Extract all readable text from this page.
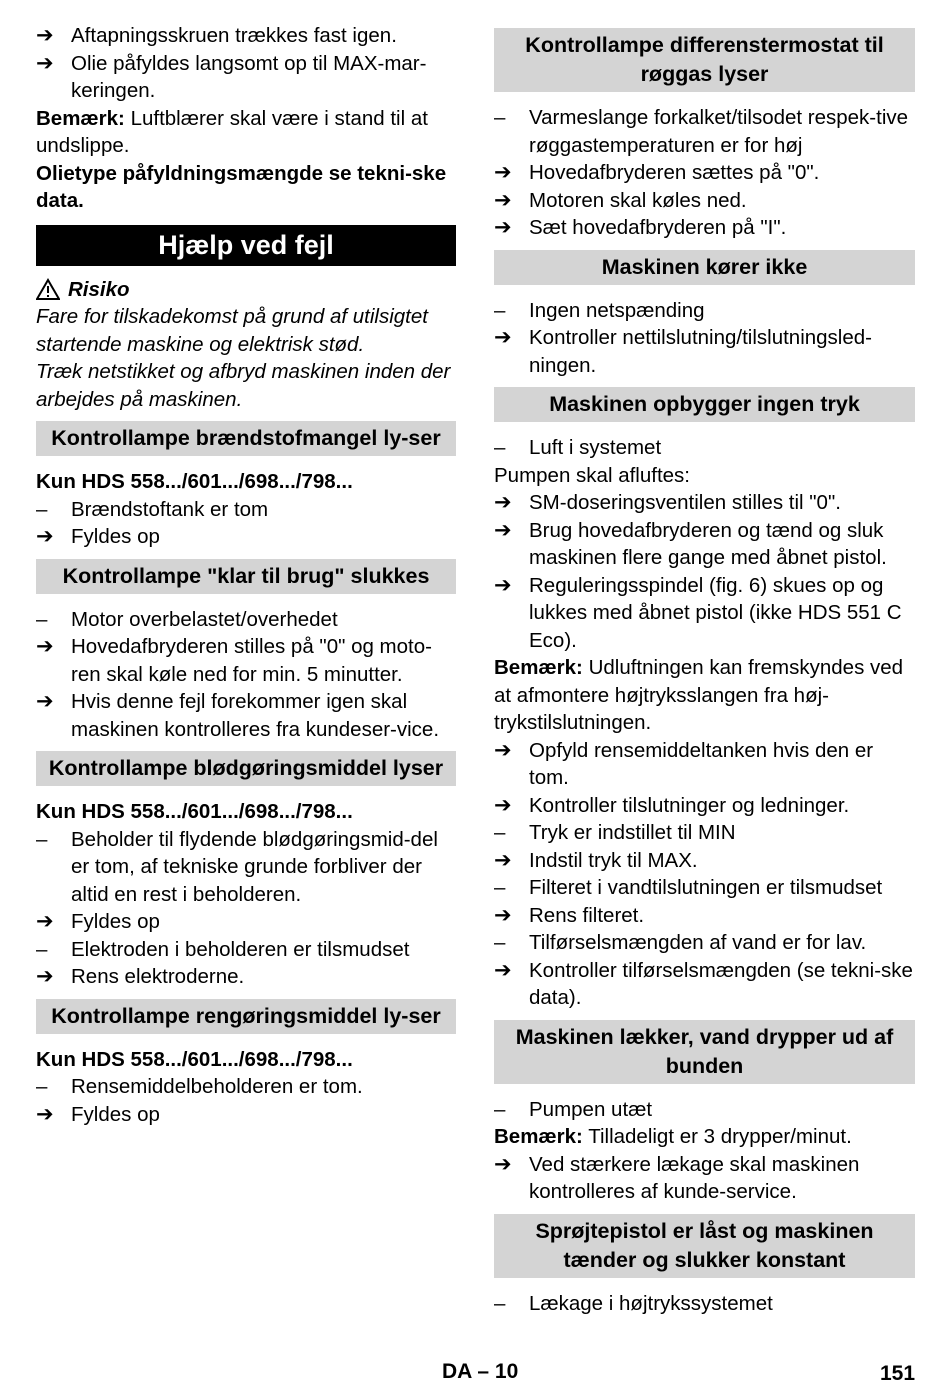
➔ Aftapningsskruen trækkes fast igen.
➔ Olie påfyldes langsomt op til MAX-mar-keringen.

Bemærk: Luftblærer skal være i stand til at undslippe.

Olietype påfyldningsmængde se tekni-ske data.

Hjælp ved fejl
Risiko

Fare for tilskadekomst på grund af utilsigtet startende maskine og elektrisk stød.

Træk netstikket og afbryd maskinen inden der arbejdes på maskinen.

Kontrollampe brændstofmangel ly-ser

Kun HDS 558.../601.../698.../798...

–	Brændstoftank er tom
➔ Fyldes op
Kontrollampe "klar til brug" slukkes
–	Motor overbelastet/overhedet
➔ Hovedafbryderen stilles på "0" og moto-ren skal køle ned for min. 5 minutter.
➔ Hvis denne fejl forekommer igen skal maskinen kontrolleres fra kundeser-vice.
Kontrollampe blødgøringsmiddel lyser

Kun HDS 558.../601.../698.../798...

–	Beholder til flydende blødgøringsmid-del er tom, af tekniske grunde forbliver der altid en rest i beholderen.
➔ Fyldes op
–	Elektroden i beholderen er tilsmudset
➔ Rens elektroderne.
Kontrollampe rengøringsmiddel ly-ser

Kun HDS 558.../601.../698.../798...

–	Rensemiddelbeholderen er tom.
➔ Fyldes op
Kontrollampe differenstermostat til røggas lyser
–	Varmeslange forkalket/tilsodet respek-tive røggastemperaturen er for høj
➔ Hovedafbryderen sættes på "0".
➔ Motoren skal køles ned.
➔ Sæt hovedafbryderen på "I".
Maskinen kører ikke
–	Ingen netspænding
➔ Kontroller nettilslutning/tilslutningsled-ningen.
Maskinen opbygger ingen tryk
–	Luft i systemet

Pumpen skal afluftes:

➔ SM-doseringsventilen stilles til "0".
➔ Brug hovedafbryderen og tænd og sluk maskinen flere gange med åbnet pistol.
➔ Reguleringsspindel (fig. 6) skues op og lukkes med åbnet pistol (ikke HDS 551 C Eco).

Bemærk: Udluftningen kan fremskyndes ved at afmontere højtryksslangen fra høj-trykstilslutningen.

➔ Opfyld rensemiddeltanken hvis den er tom.
➔ Kontroller tilslutninger og ledninger.
–	Tryk er indstillet til MIN
➔ Indstil tryk til MAX.
–	Filteret i vandtilslutningen er tilsmudset
➔ Rens filteret.
–	Tilførselsmængden af vand er for lav.
➔ Kontroller tilførselsmængden (se tekni-ske data).
Maskinen lækker, vand drypper ud af bunden
–	Pumpen utæt

Bemærk: Tilladeligt er 3 drypper/minut.

➔ Ved stærkere lækage skal maskinen kontrolleres af kunde-service.
Sprøjtepistol er låst og maskinen tænder og slukker konstant
–	Lækage i højtrykssystemet
DA – 10	151
